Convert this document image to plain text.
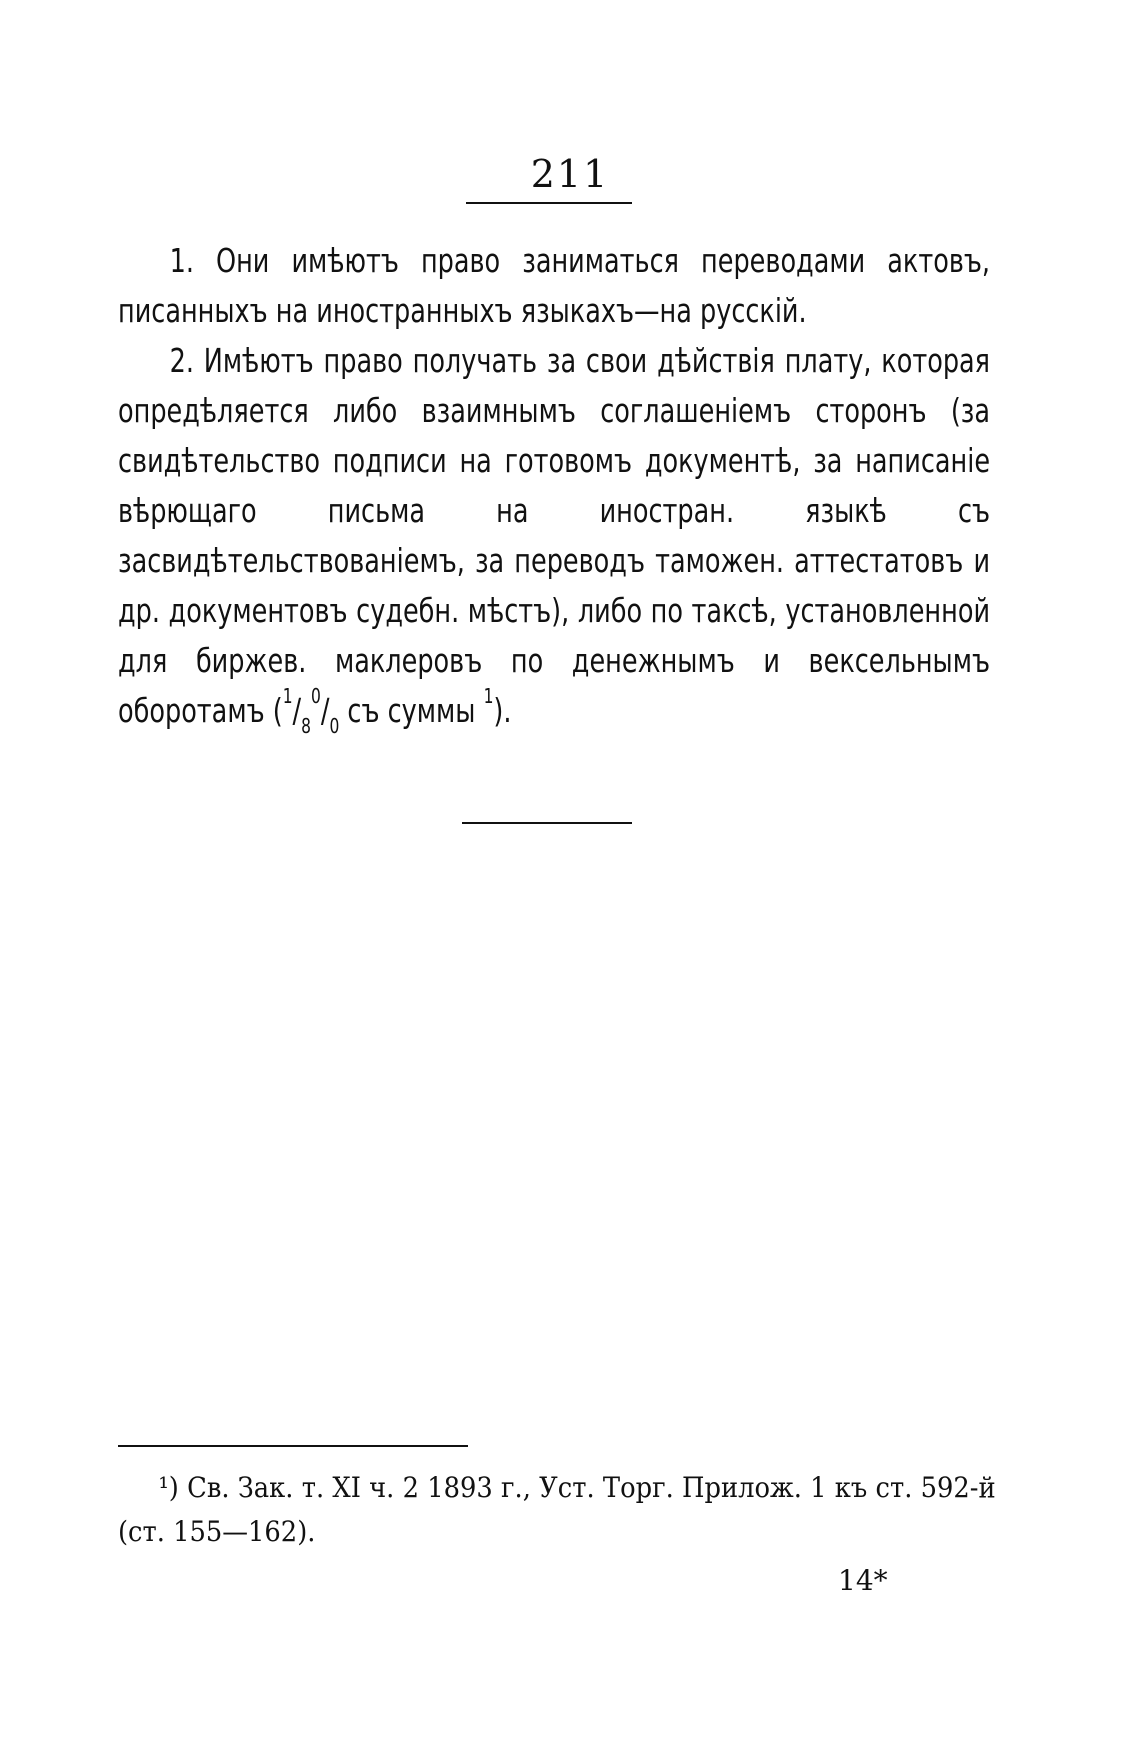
211

1. Они имѣютъ право заниматься переводами актовъ, писанныхъ на иностранныхъ языкахъ—на русскій.

2. Имѣютъ право получать за свои дѣйствія плату, которая опредѣляется либо взаимнымъ соглашеніемъ сторонъ (за свидѣтельство подписи на готовомъ документѣ, за написаніе вѣрющаго письма на иностран. языкѣ съ засвидѣтельствованіемъ, за переводъ таможен. аттестатовъ и др. документовъ судебн. мѣстъ), либо по таксѣ, установленной для биржев. маклеровъ по денежнымъ и вексельнымъ оборотамъ ($^1/8^0/0$ съ суммы $^1$).

¹) Св. Зак. т. XI ч. 2 1893 г., Уст. Торг. Прилож. 1 къ ст. 592-й (ст. 155—162).

14*
